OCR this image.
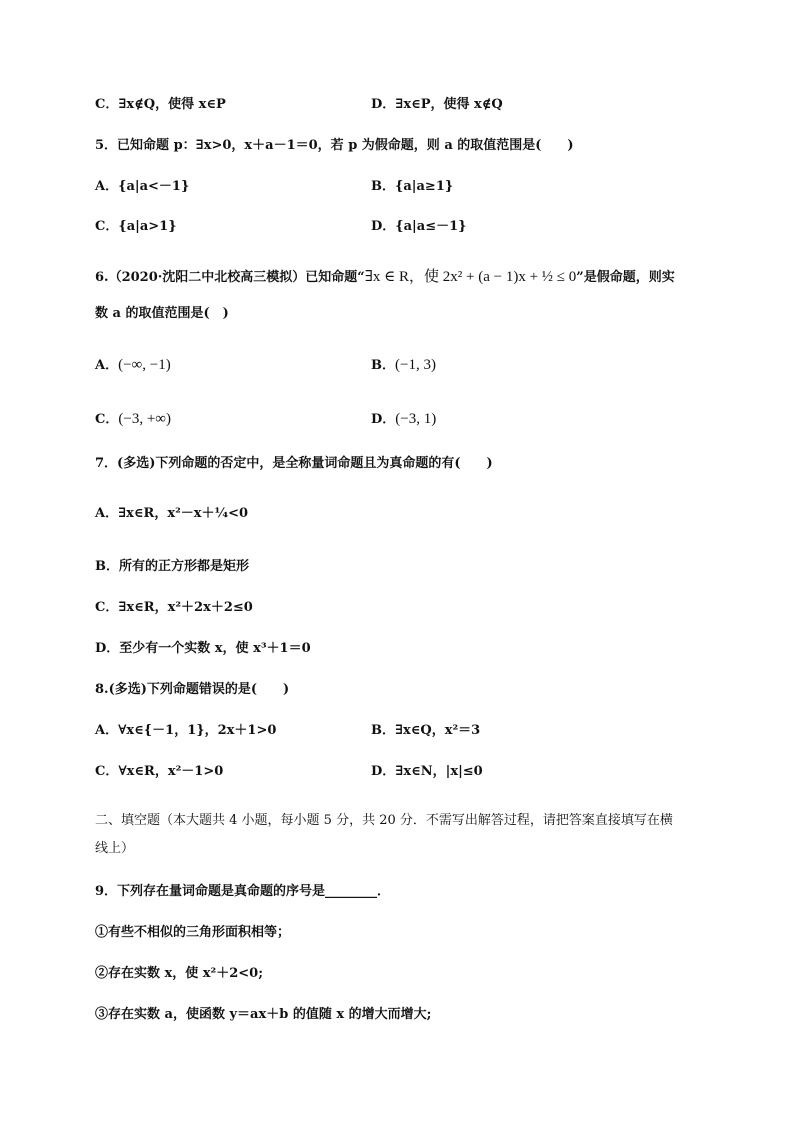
C．∃x∉Q，使得 x∈P	D．∃x∈P，使得 x∉Q
5．已知命题 p：∃x>0，x＋a－1＝0，若 p 为假命题，则 a 的取值范围是(　　)
A．{a|a<－1}	B．{a|a≥1}
C．{a|a>1}	D．{a|a≤－1}
6.（2020·沈阳二中北校高三模拟）已知命题“∃x ∈ R，使 2x² + (a − 1)x + ½ ≤ 0”是假命题，则实
数 a 的取值范围是(　)
A．(−∞, −1)	B．(−1, 3)
C．(−3, +∞)	D．(−3, 1)
7．(多选)下列命题的否定中，是全称量词命题且为真命题的有(　　)
A．∃x∈R，x²－x＋¼<0
B．所有的正方形都是矩形
C．∃x∈R，x²＋2x＋2≤0
D．至少有一个实数 x，使 x³＋1＝0
8.(多选)下列命题错误的是(　　)
A．∀x∈{－1，1}，2x＋1>0	B．∃x∈Q，x²＝3
C．∀x∈R，x²－1>0	D．∃x∈N，|x|≤0
二、填空题（本大题共 4 小题，每小题 5 分，共 20 分．不需写出解答过程，请把答案直接填写在横
线上）
9．下列存在量词命题是真命题的序号是________．
①有些不相似的三角形面积相等；
②存在实数 x，使 x²＋2<0;
③存在实数 a，使函数 y＝ax＋b 的值随 x 的增大而增大;
